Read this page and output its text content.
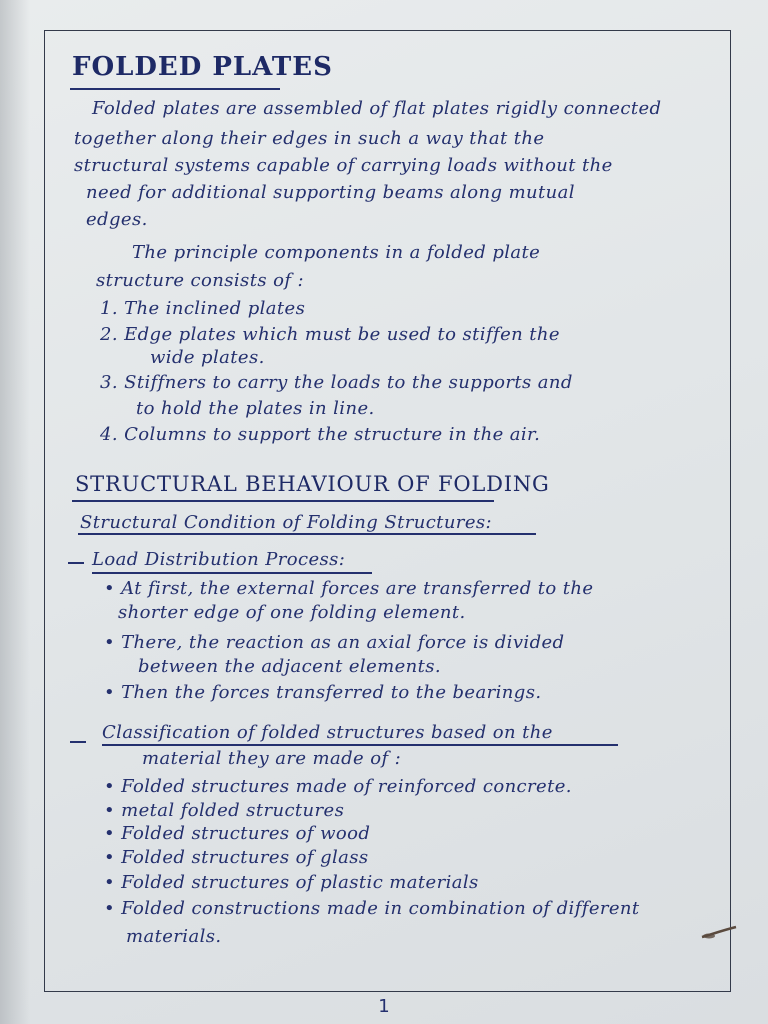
FOLDED PLATES
Folded plates are assembled of flat plates rigidly connected
together along their edges in such a way that the
structural systems capable of carrying loads without the
need for additional supporting beams along mutual
edges.
The principle components in a folded plate
structure consists of :
1. The inclined plates
2. Edge plates which must be used to stiffen the
wide plates.
3. Stiffners to carry the loads to the supports and
to hold the plates in line.
4. Columns to support the structure in the air.
STRUCTURAL BEHAVIOUR OF FOLDING
Structural Condition of Folding Structures:
Load Distribution Process:
• At first, the external forces are transferred to the
shorter edge of one folding element.
• There, the reaction as an axial force is divided
between the adjacent elements.
• Then the forces transferred to the bearings.
Classification of folded structures based on the
material they are made of :
• Folded structures made of reinforced concrete.
• metal folded structures
• Folded structures of wood
• Folded structures of glass
• Folded structures of plastic materials
• Folded constructions made in combination of different
materials.
1
